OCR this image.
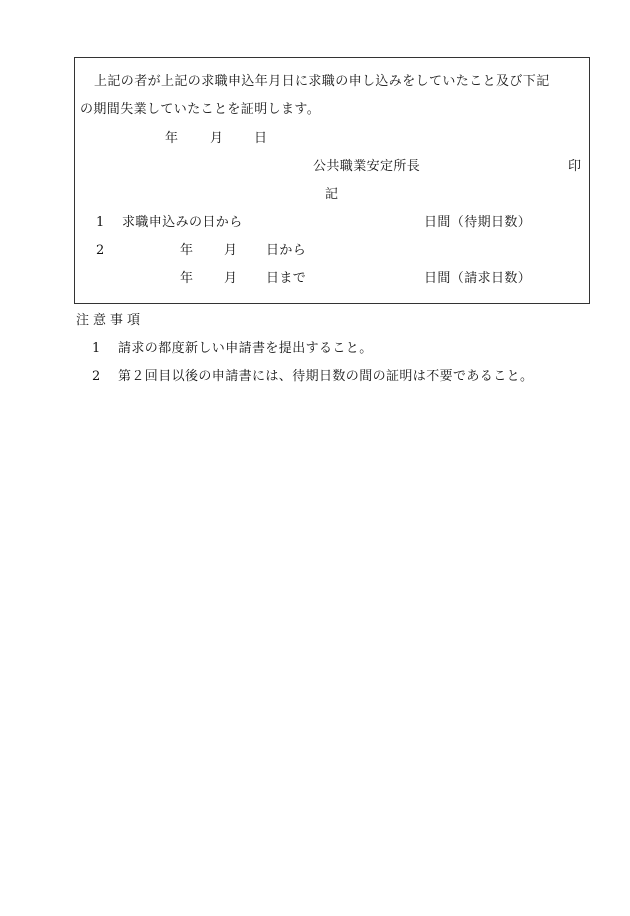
上記の者が上記の求職申込年月日に求職の申し込みをしていたこと及び下記
の期間失業していたことを証明します。
年 月 日
公共職業安定所長	印
記
1 求職申込みの日から	日間（待期日数）
2	年 月 日から
年 月 日まで	日間（請求日数）
注意事項
1 請求の都度新しい申請書を提出すること。
2 第２回目以後の申請書には、待期日数の間の証明は不要であること。
